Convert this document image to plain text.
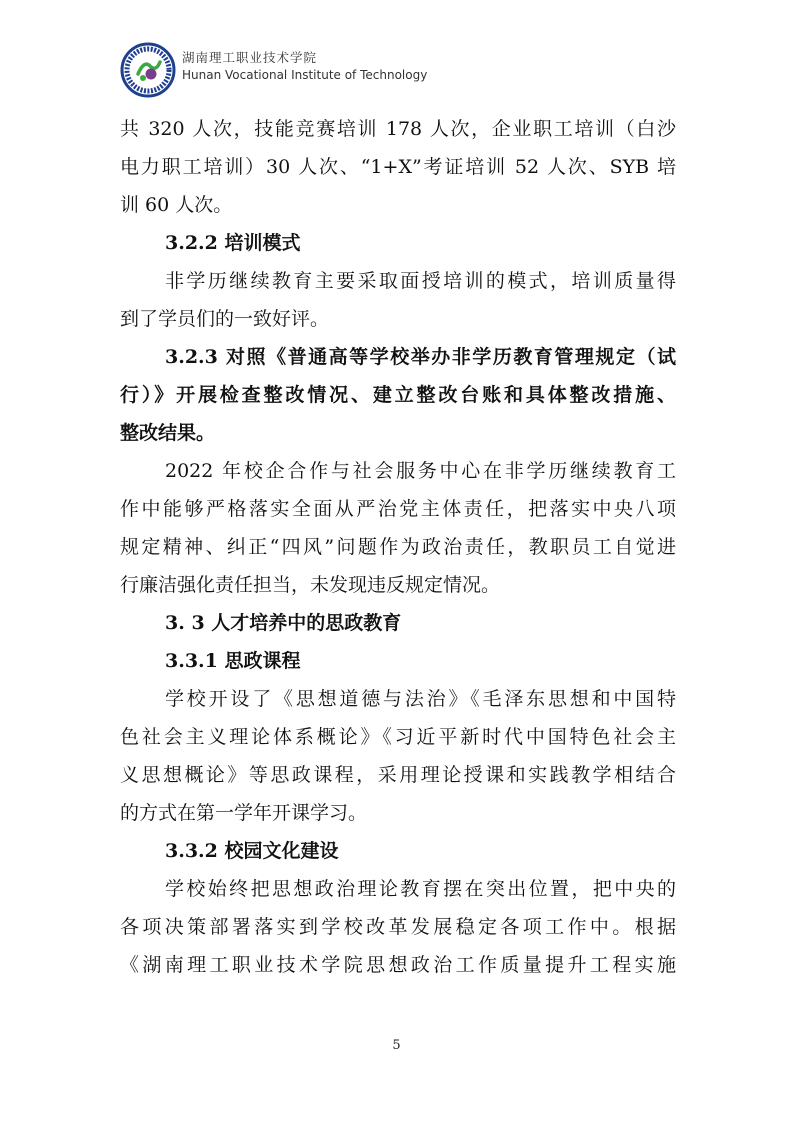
湖南理工职业技术学院
Hunan Vocational Institute of Technology
共 320 人次，技能竞赛培训 178 人次，企业职工培训（白沙
电力职工培训）30 人次、“1+X”考证培训 52 人次、SYB 培
训 60 人次。
3.2.2 培训模式
非学历继续教育主要采取面授培训的模式，培训质量得
到了学员们的一致好评。
3.2.3 对照《普通高等学校举办非学历教育管理规定（试
行）》开展检查整改情况、建立整改台账和具体整改措施、
整改结果。
2022 年校企合作与社会服务中心在非学历继续教育工
作中能够严格落实全面从严治党主体责任，把落实中央八项
规定精神、纠正“四风”问题作为政治责任，教职员工自觉进
行廉洁强化责任担当，未发现违反规定情况。
3. 3 人才培养中的思政教育
3.3.1 思政课程
学校开设了《思想道德与法治》《毛泽东思想和中国特
色社会主义理论体系概论》《习近平新时代中国特色社会主
义思想概论》等思政课程，采用理论授课和实践教学相结合
的方式在第一学年开课学习。
3.3.2 校园文化建设
学校始终把思想政治理论教育摆在突出位置，把中央的
各项决策部署落实到学校改革发展稳定各项工作中。根据
《湖南理工职业技术学院思想政治工作质量提升工程实施
5
